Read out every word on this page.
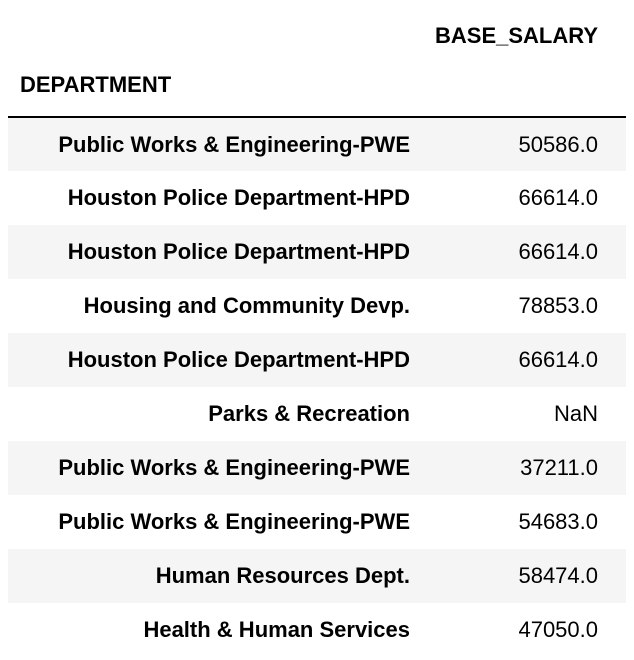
	BASE_SALARY
DEPARTMENT	
Public Works & Engineering-PWE	50586.0
Houston Police Department-HPD	66614.0
Houston Police Department-HPD	66614.0
Housing and Community Devp.	78853.0
Houston Police Department-HPD	66614.0
Parks & Recreation	NaN
Public Works & Engineering-PWE	37211.0
Public Works & Engineering-PWE	54683.0
Human Resources Dept.	58474.0
Health & Human Services	47050.0
